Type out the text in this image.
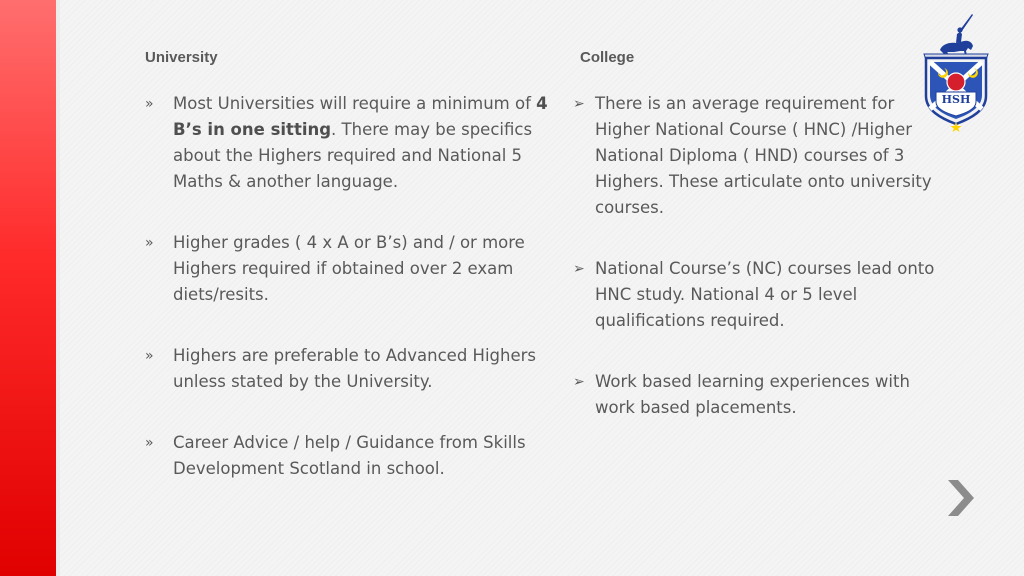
University	College
» Most Universities will require a minimum of 4 B’s in one sitting. There may be specifics about the Highers required and National 5 Maths & another language.
» Higher grades ( 4 x A or B’s) and / or more Highers required if obtained over 2 exam diets/resits.
» Highers are preferable to Advanced Highers unless stated by the University.
» Career Advice / help / Guidance from Skills Development Scotland in school.
➢ There is an average requirement for Higher National Course ( HNC) /Higher National Diploma ( HND) courses of 3 Highers. These articulate onto university courses.
➢ National Course’s (NC) courses lead onto HNC study. National 4 or 5 level qualifications required.
➢ Work based learning experiences with work based placements.
HSH
